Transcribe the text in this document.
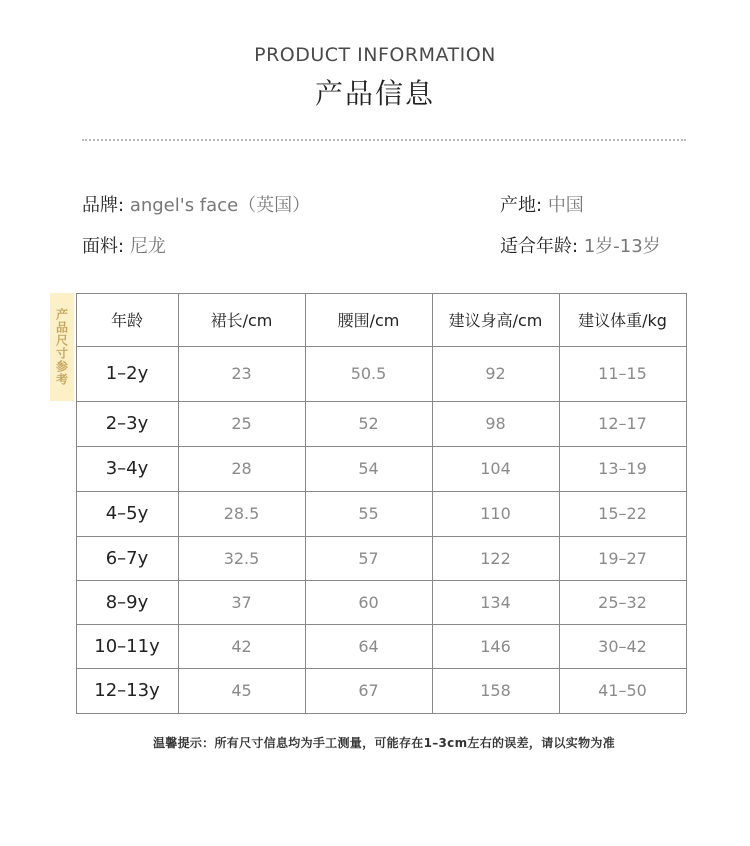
PRODUCT INFORMATION
产品信息
品牌: angel's face（英国）	产地: 中国
面料: 尼龙	适合年龄: 1岁-13岁
产品尺寸参考	年龄	裙长/cm	腰围/cm	建议身高/cm	建议体重/kg
1–2y	23	50.5	92	11–15
2–3y	25	52	98	12–17
3–4y	28	54	104	13–19
4–5y	28.5	55	110	15–22
6–7y	32.5	57	122	19–27
8–9y	37	60	134	25–32
10–11y	42	64	146	30–42
12–13y	45	67	158	41–50
温馨提示：所有尺寸信息均为手工测量，可能存在1–3cm左右的误差，请以实物为准
